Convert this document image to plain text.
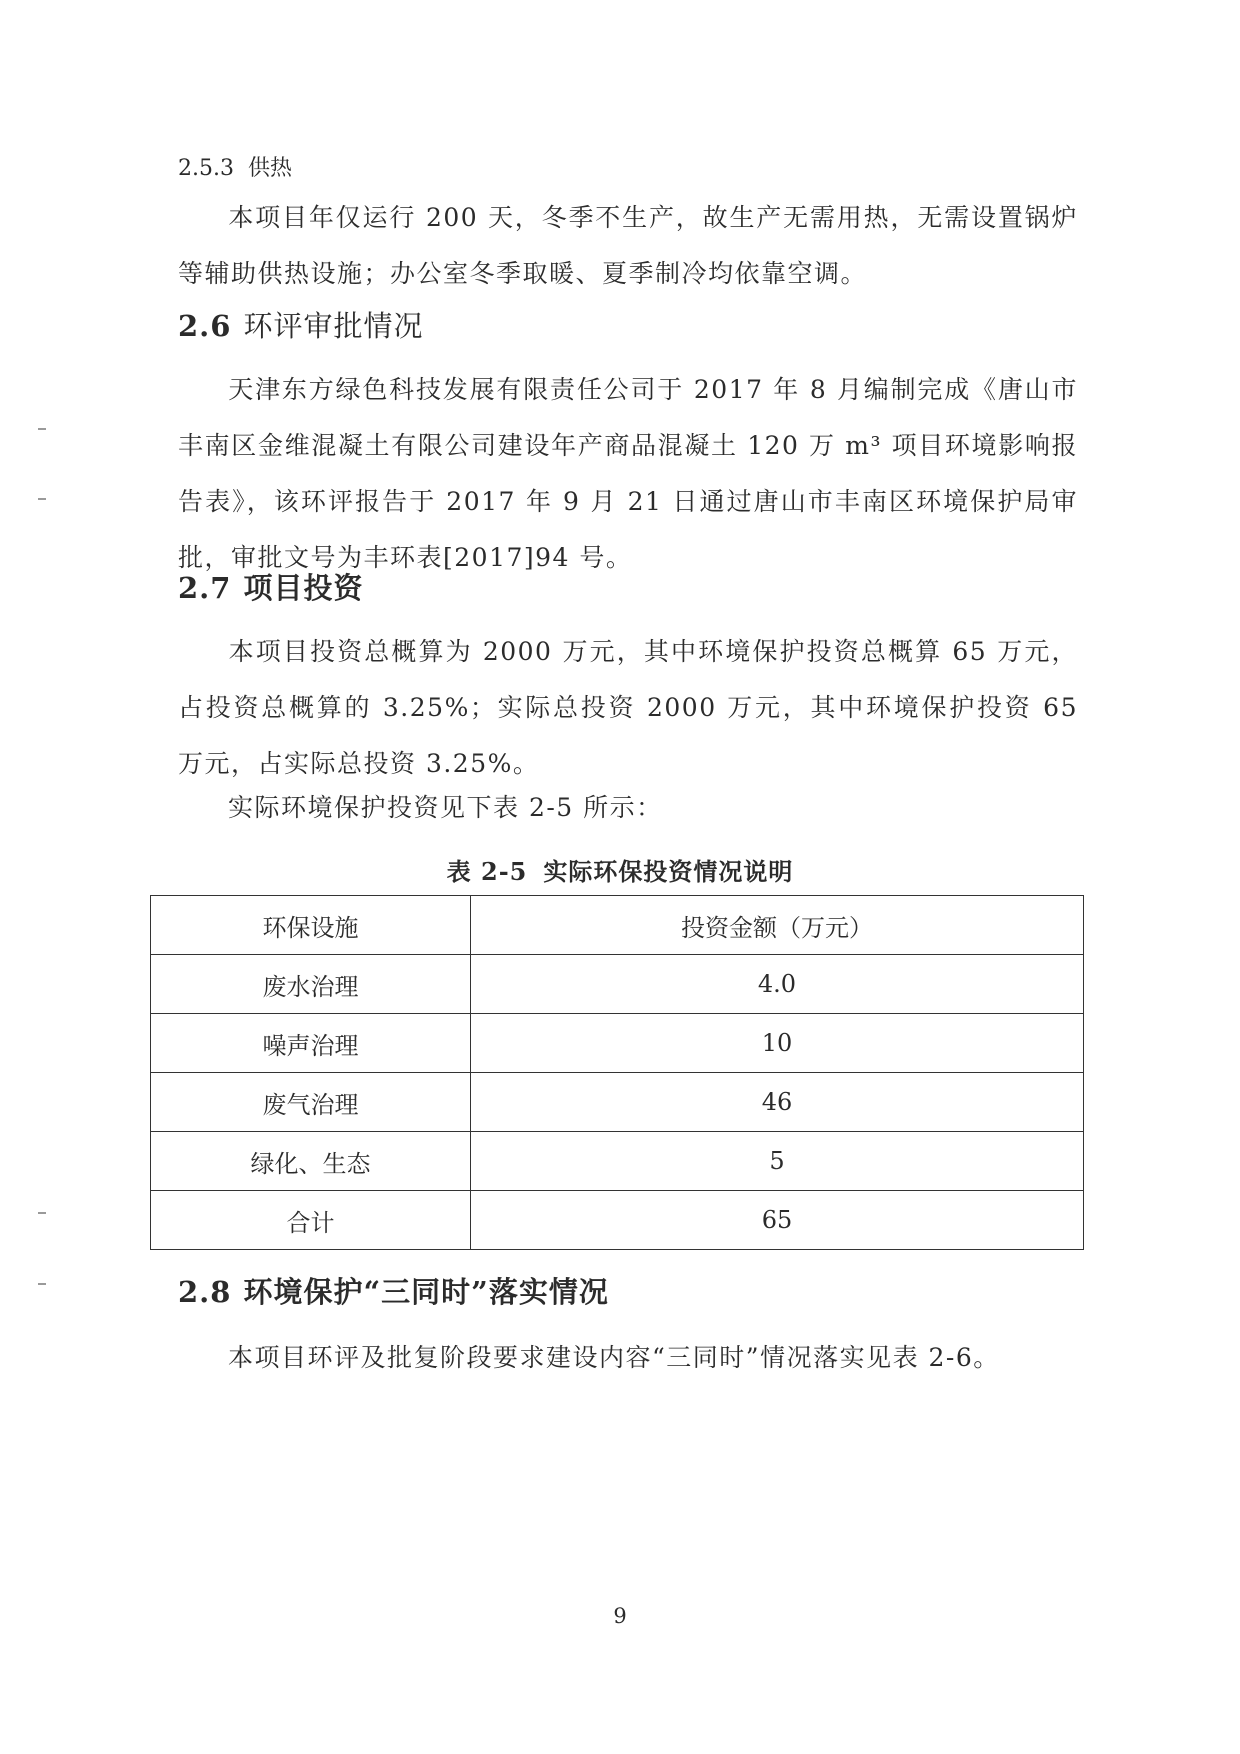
2.5.3 供热
本项目年仅运行 200 天，冬季不生产，故生产无需用热，无需设置锅炉等辅助供热设施；办公室冬季取暖、夏季制冷均依靠空调。
2.6 环评审批情况
天津东方绿色科技发展有限责任公司于 2017 年 8 月编制完成《唐山市丰南区金维混凝土有限公司建设年产商品混凝土 120 万 m³ 项目环境影响报告表》，该环评报告于 2017 年 9 月 21 日通过唐山市丰南区环境保护局审批，审批文号为丰环表[2017]94 号。
2.7 项目投资
本项目投资总概算为 2000 万元，其中环境保护投资总概算 65 万元，占投资总概算的 3.25%；实际总投资 2000 万元，其中环境保护投资 65 万元，占实际总投资 3.25%。
实际环境保护投资见下表 2-5 所示：
表 2-5 实际环保投资情况说明
环保设施	投资金额（万元）
废水治理	4.0
噪声治理	10
废气治理	46
绿化、生态	5
合计	65
2.8 环境保护“三同时”落实情况
本项目环评及批复阶段要求建设内容“三同时”情况落实见表 2-6。
9
